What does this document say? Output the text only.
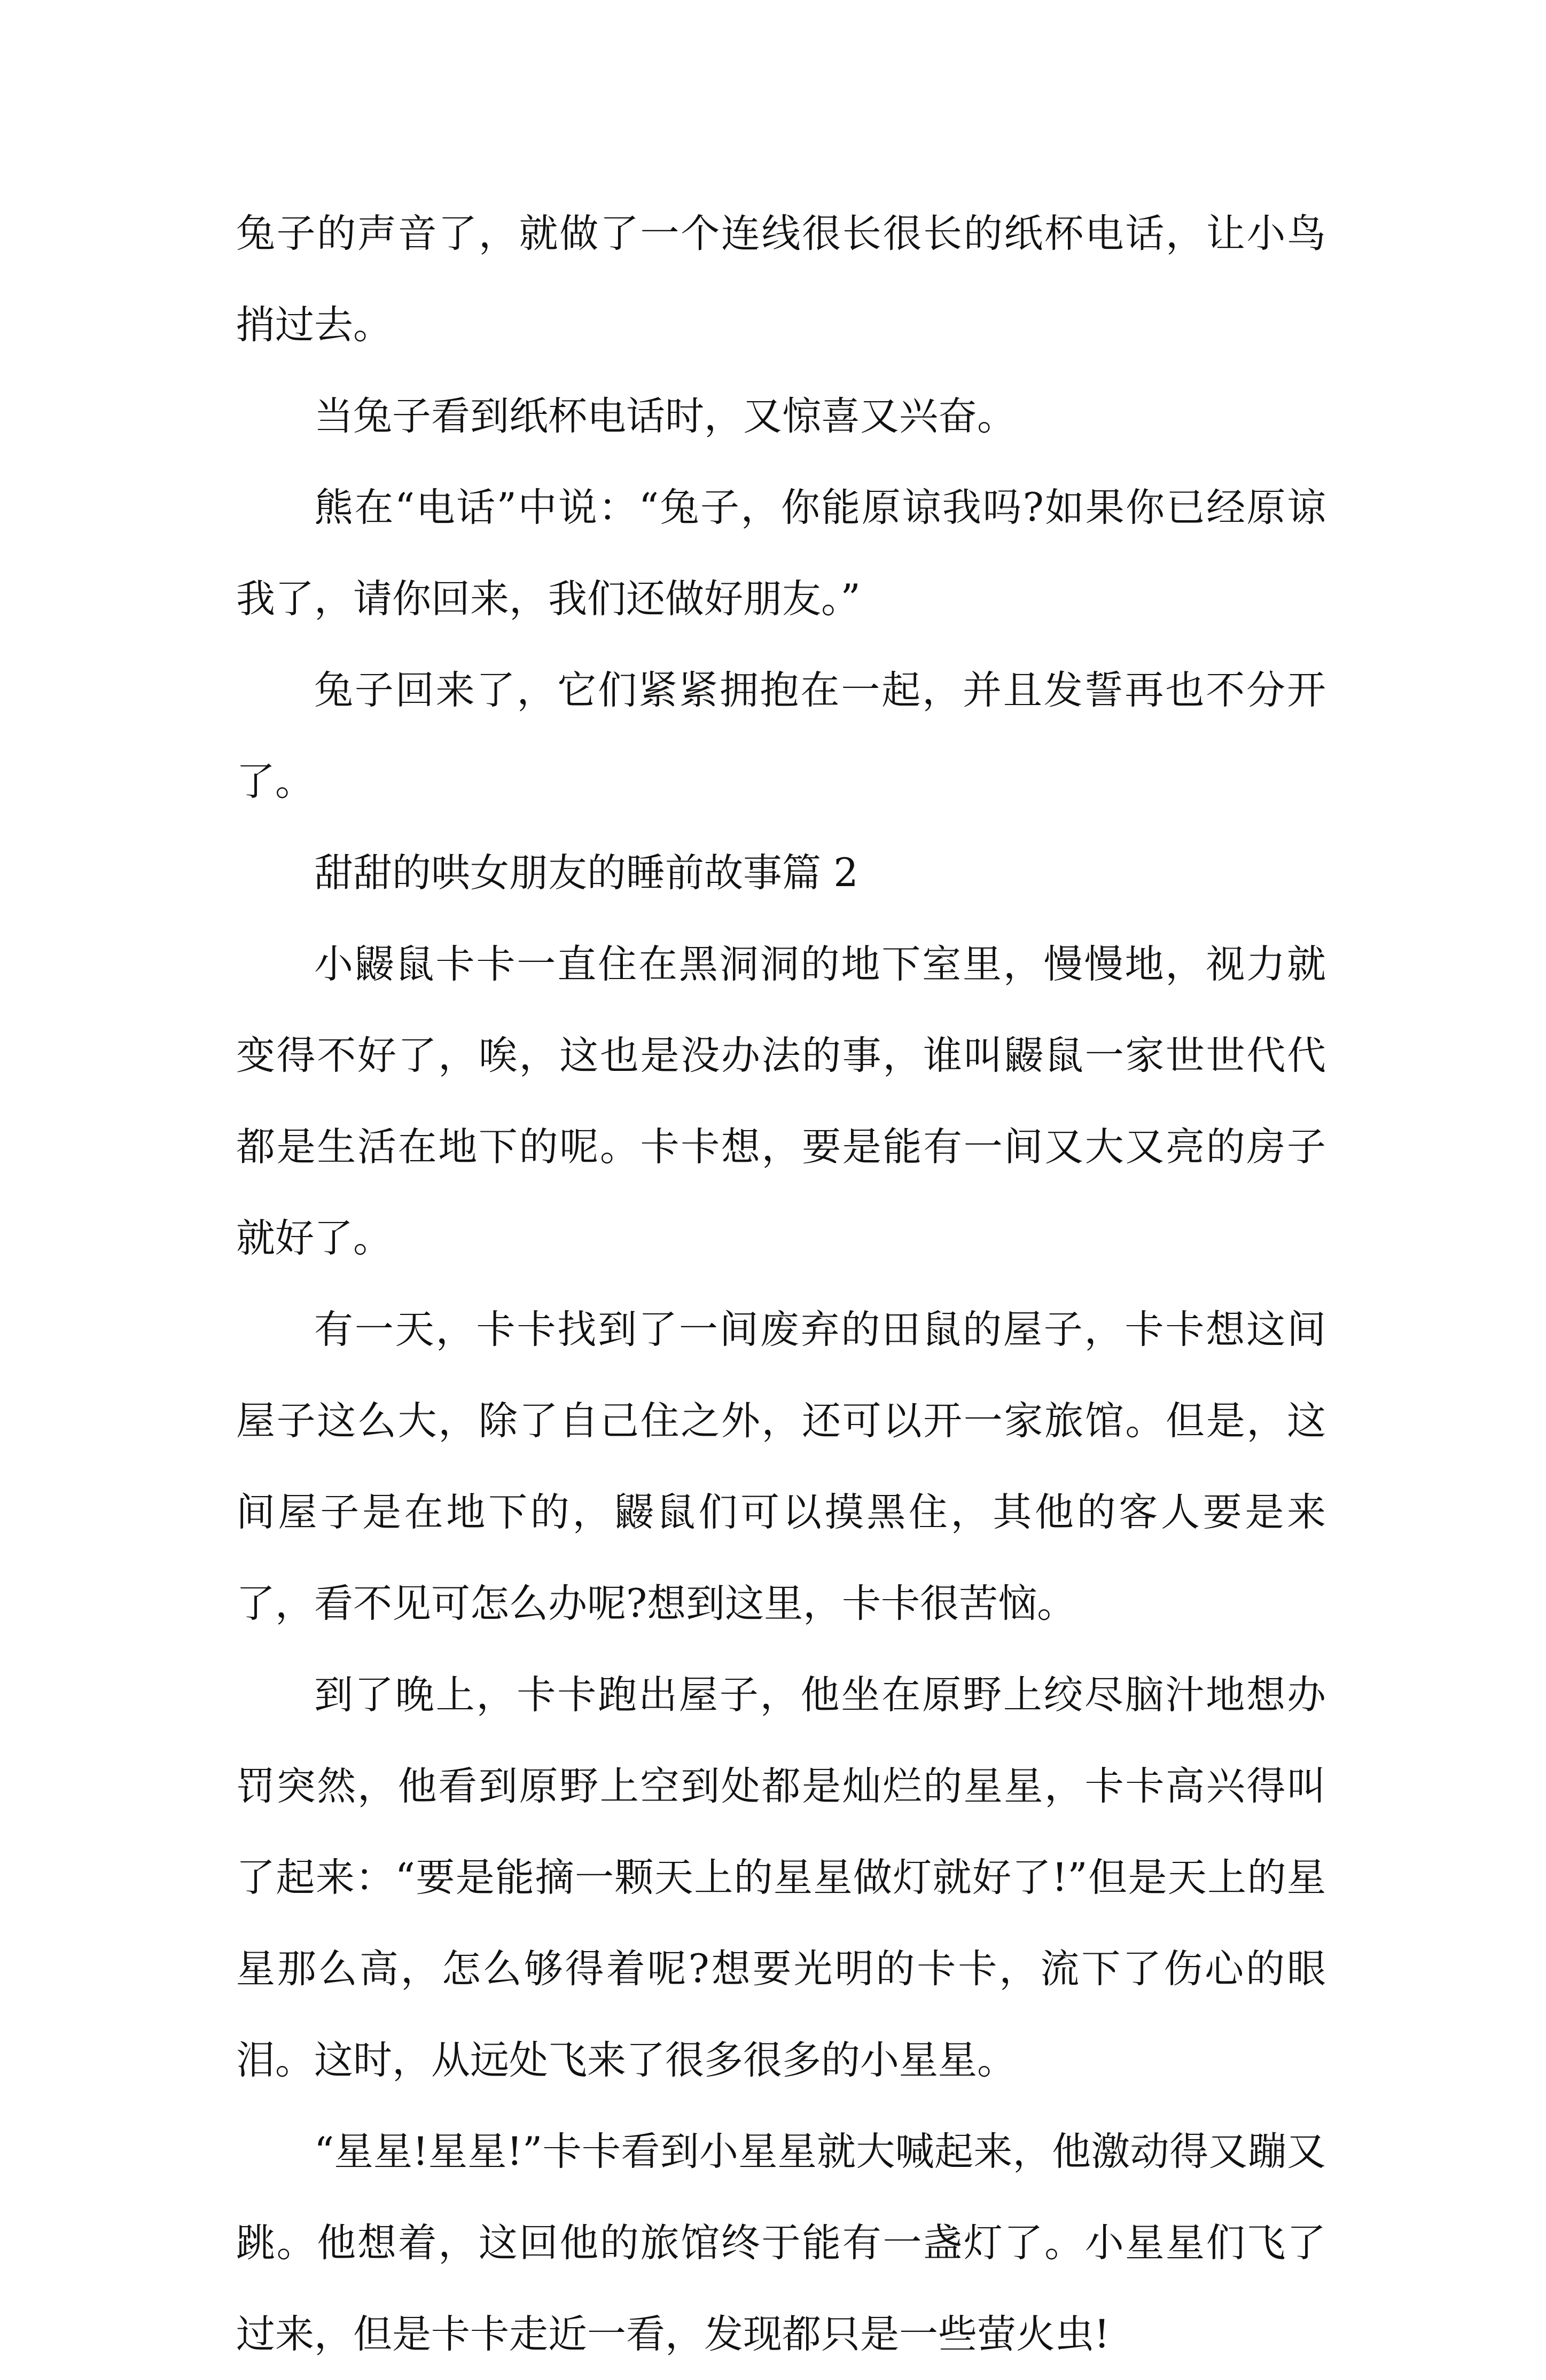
兔子的声音了，就做了一个连线很长很长的纸杯电话，让小鸟捎过去。

当兔子看到纸杯电话时，又惊喜又兴奋。

熊在“电话”中说：“兔子，你能原谅我吗?如果你已经原谅我了，请你回来，我们还做好朋友。”

兔子回来了，它们紧紧拥抱在一起，并且发誓再也不分开了。

甜甜的哄女朋友的睡前故事篇 2

小鼹鼠卡卡一直住在黑洞洞的地下室里，慢慢地，视力就变得不好了，唉，这也是没办法的事，谁叫鼹鼠一家世世代代都是生活在地下的呢。卡卡想，要是能有一间又大又亮的房子就好了。

有一天，卡卡找到了一间废弃的田鼠的屋子，卡卡想这间屋子这么大，除了自己住之外，还可以开一家旅馆。但是，这间屋子是在地下的，鼹鼠们可以摸黑住，其他的客人要是来了，看不见可怎么办呢?想到这里，卡卡很苦恼。

到了晚上，卡卡跑出屋子，他坐在原野上绞尽脑汁地想办罚突然，他看到原野上空到处都是灿烂的星星，卡卡高兴得叫了起来：“要是能摘一颗天上的星星做灯就好了!”但是天上的星星那么高，怎么够得着呢?想要光明的卡卡，流下了伤心的眼泪。这时，从远处飞来了很多很多的小星星。

“星星!星星!”卡卡看到小星星就大喊起来，他激动得又蹦又跳。他想着，这回他的旅馆终于能有一盏灯了。小星星们飞了过来，但是卡卡走近一看，发现都只是一些萤火虫!
